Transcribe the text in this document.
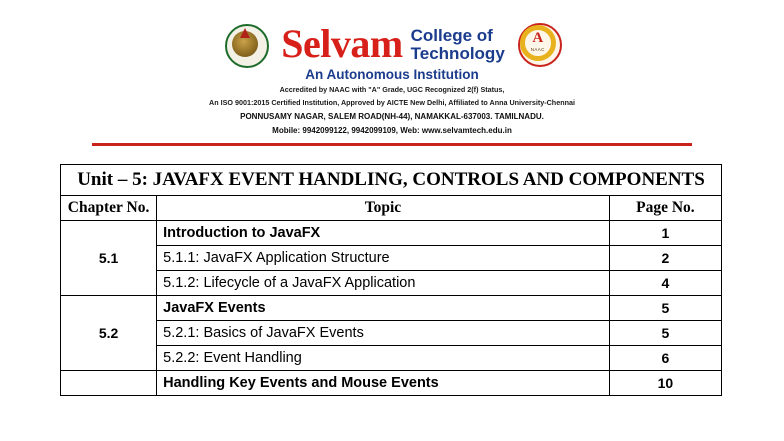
Selvam College of
Technology
A
NAAC
An Autonomous Institution
Accredited by NAAC with "A" Grade, UGC Recognized 2(f) Status,
An ISO 9001:2015 Certified Institution, Approved by AICTE New Delhi, Affiliated to Anna University-Chennai
PONNUSAMY NAGAR, SALEM ROAD(NH-44), NAMAKKAL-637003. TAMILNADU.
Mobile: 9942099122, 9942099109, Web: www.selvamtech.edu.in
Unit – 5: JAVAFX EVENT HANDLING, CONTROLS AND COMPONENTS		
Chapter No.	Topic	Page No.
5.1	Introduction to JavaFX	1
	5.1.1: JavaFX Application Structure	2
	5.1.2: Lifecycle of a JavaFX Application	4
5.2	JavaFX Events	5
	5.2.1: Basics of JavaFX Events	5
	5.2.2: Event Handling	6
	Handling Key Events and Mouse Events	10
